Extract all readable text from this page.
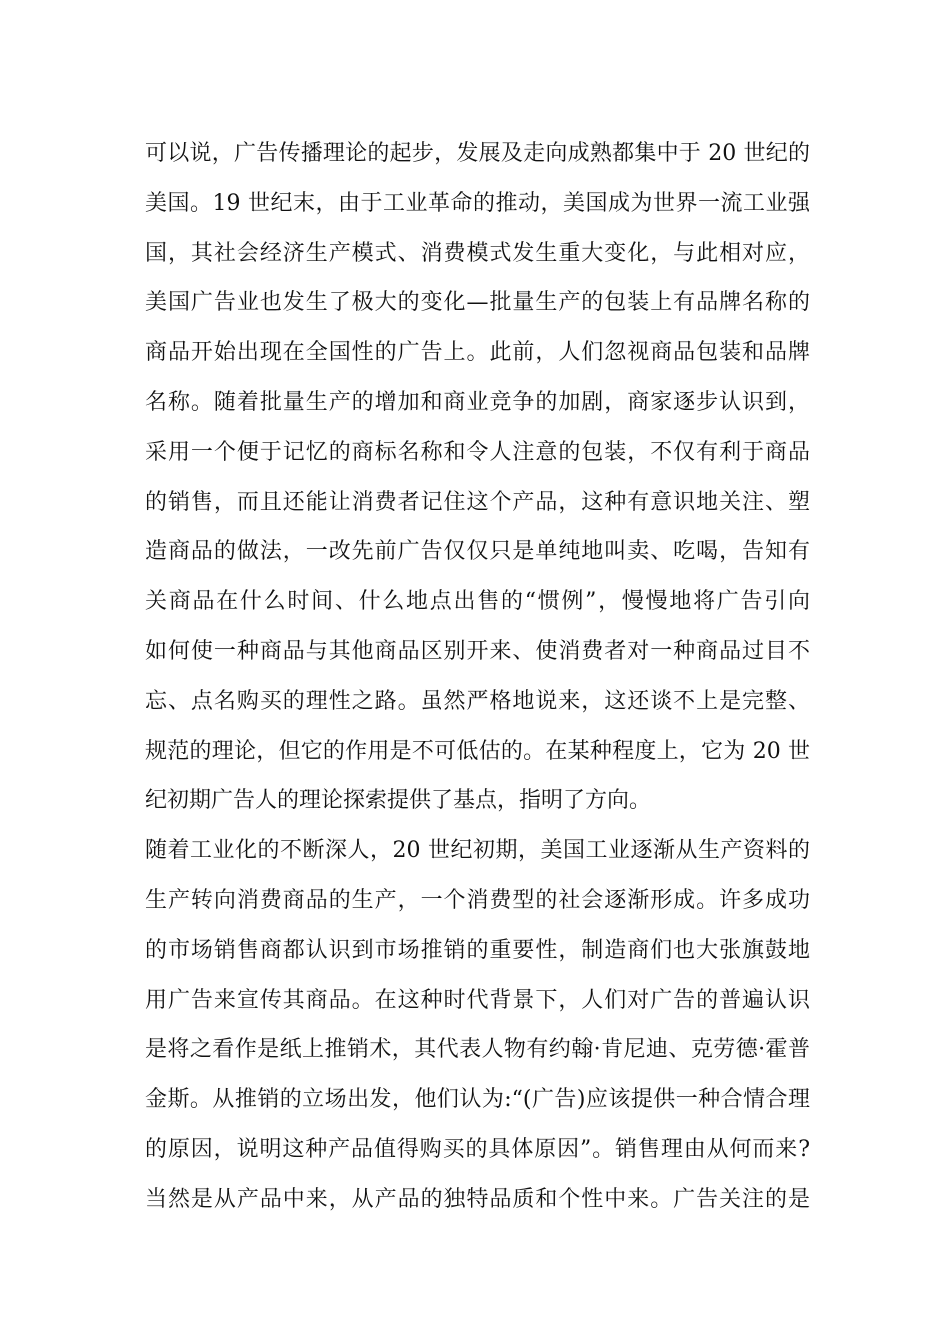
可以说，广告传播理论的起步，发展及走向成熟都集中于 20 世纪的
美国。19 世纪末，由于工业革命的推动，美国成为世界一流工业强
国，其社会经济生产模式、消费模式发生重大变化，与此相对应，
美国广告业也发生了极大的变化—批量生产的包装上有品牌名称的
商品开始出现在全国性的广告上。此前，人们忽视商品包装和品牌
名称。随着批量生产的增加和商业竞争的加剧，商家逐步认识到，
采用一个便于记忆的商标名称和令人注意的包装，不仅有利于商品
的销售，而且还能让消费者记住这个产品，这种有意识地关注、塑
造商品的做法，一改先前广告仅仅只是单纯地叫卖、吃喝，告知有
关商品在什么时间、什么地点出售的“惯例”，慢慢地将广告引向
如何使一种商品与其他商品区别开来、使消费者对一种商品过目不
忘、点名购买的理性之路。虽然严格地说来，这还谈不上是完整、
规范的理论，但它的作用是不可低估的。在某种程度上，它为 20 世
纪初期广告人的理论探索提供了基点，指明了方向。
随着工业化的不断深人，20 世纪初期，美国工业逐渐从生产资料的
生产转向消费商品的生产，一个消费型的社会逐渐形成。许多成功
的市场销售商都认识到市场推销的重要性，制造商们也大张旗鼓地
用广告来宣传其商品。在这种时代背景下，人们对广告的普遍认识
是将之看作是纸上推销术，其代表人物有约翰·肯尼迪、克劳德·霍普
金斯。从推销的立场出发，他们认为:“(广告)应该提供一种合情合理
的原因，说明这种产品值得购买的具体原因”。销售理由从何而来?
当然是从产品中来，从产品的独特品质和个性中来。广告关注的是
